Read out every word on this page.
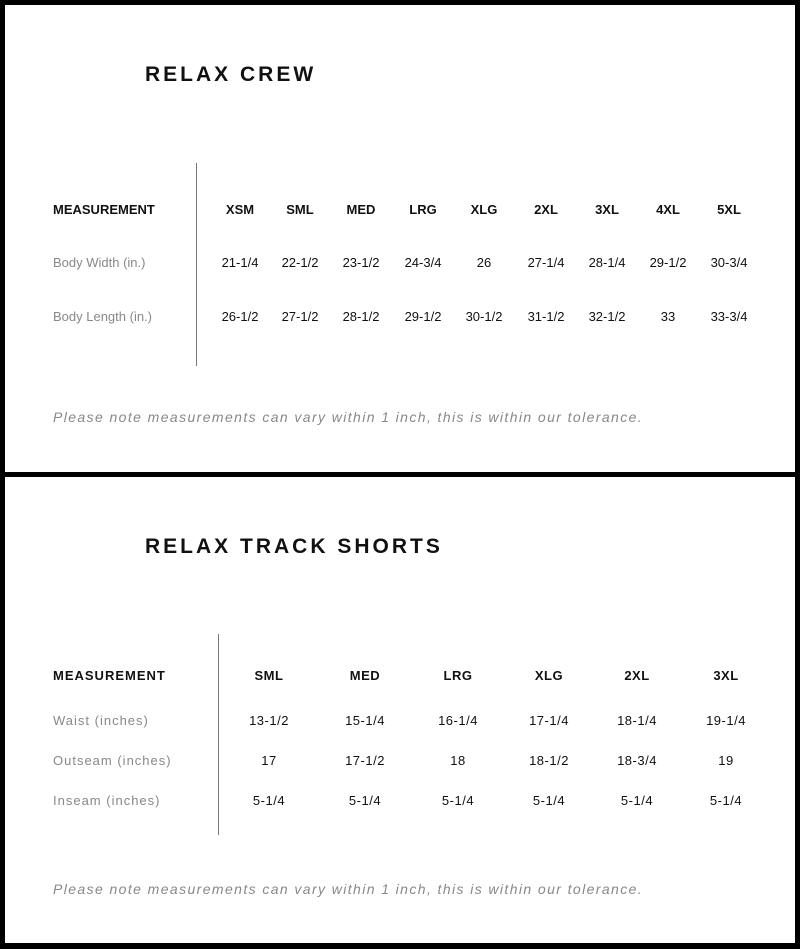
RELAX CREW
MEASUREMENT	XSM	SML	MED	LRG	XLG	2XL	3XL	4XL	5XL
Body Width (in.)	21-1/4	22-1/2	23-1/2	24-3/4	26	27-1/4	28-1/4	29-1/2	30-3/4
Body Length (in.)	26-1/2	27-1/2	28-1/2	29-1/2	30-1/2	31-1/2	32-1/2	33	33-3/4
Please note measurements can vary within 1 inch, this is within our tolerance.
RELAX TRACK SHORTS
MEASUREMENT	SML	MED	LRG	XLG	2XL	3XL
Waist (inches)	13-1/2	15-1/4	16-1/4	17-1/4	18-1/4	19-1/4
Outseam (inches)	17	17-1/2	18	18-1/2	18-3/4	19
Inseam (inches)	5-1/4	5-1/4	5-1/4	5-1/4	5-1/4	5-1/4
Please note measurements can vary within 1 inch, this is within our tolerance.
